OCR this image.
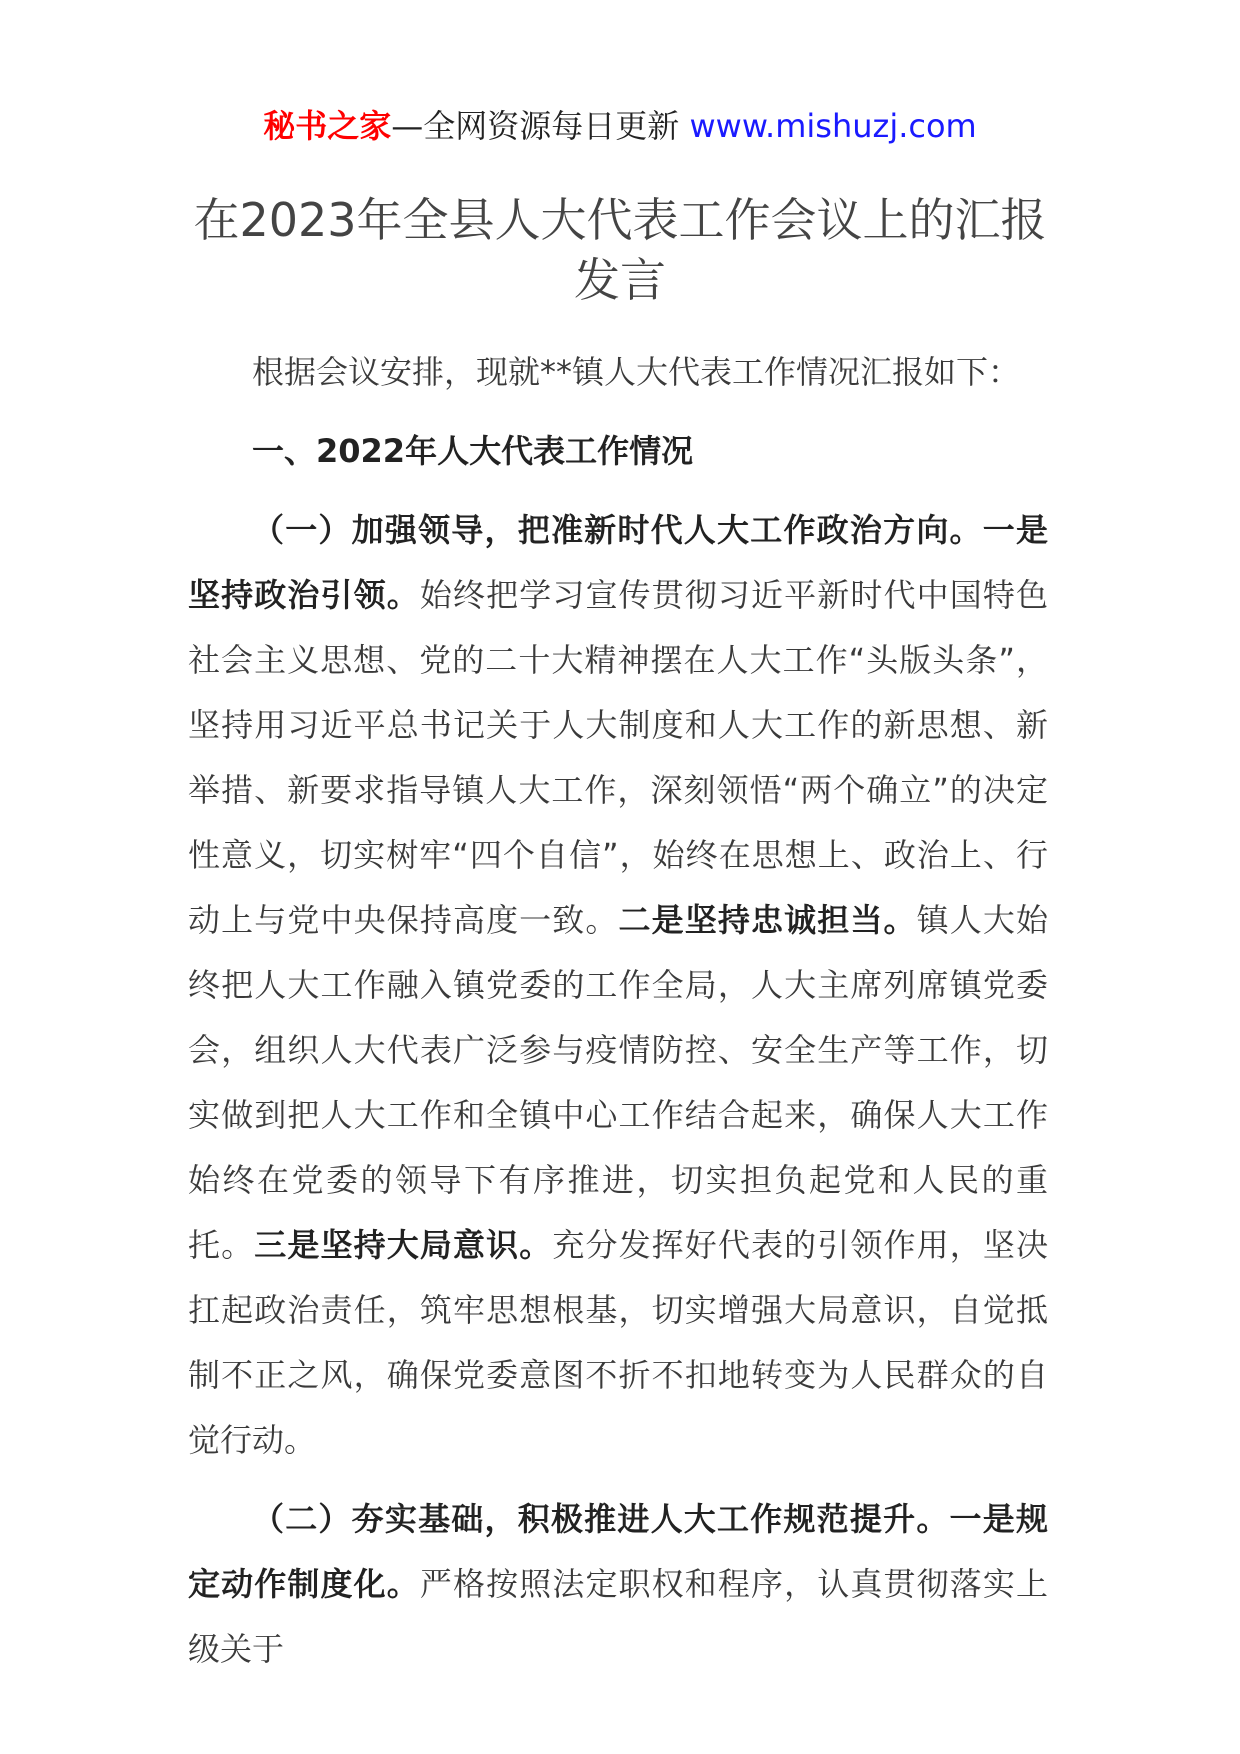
秘书之家—全网资源每日更新 www.mishuzj.com
在2023年全县人大代表工作会议上的汇报发言

根据会议安排，现就**镇人大代表工作情况汇报如下：

一、2022年人大代表工作情况

（一）加强领导，把准新时代人大工作政治方向。一是坚持政治引领。始终把学习宣传贯彻习近平新时代中国特色社会主义思想、党的二十大精神摆在人大工作“头版头条”，坚持用习近平总书记关于人大制度和人大工作的新思想、新举措、新要求指导镇人大工作，深刻领悟“两个确立”的决定性意义，切实树牢“四个自信”，始终在思想上、政治上、行动上与党中央保持高度一致。二是坚持忠诚担当。镇人大始终把人大工作融入镇党委的工作全局，人大主席列席镇党委会，组织人大代表广泛参与疫情防控、安全生产等工作，切实做到把人大工作和全镇中心工作结合起来，确保人大工作始终在党委的领导下有序推进，切实担负起党和人民的重托。三是坚持大局意识。充分发挥好代表的引领作用，坚决扛起政治责任，筑牢思想根基，切实增强大局意识，自觉抵制不正之风，确保党委意图不折不扣地转变为人民群众的自觉行动。

（二）夯实基础，积极推进人大工作规范提升。一是规定动作制度化。严格按照法定职权和程序，认真贯彻落实上级关于
